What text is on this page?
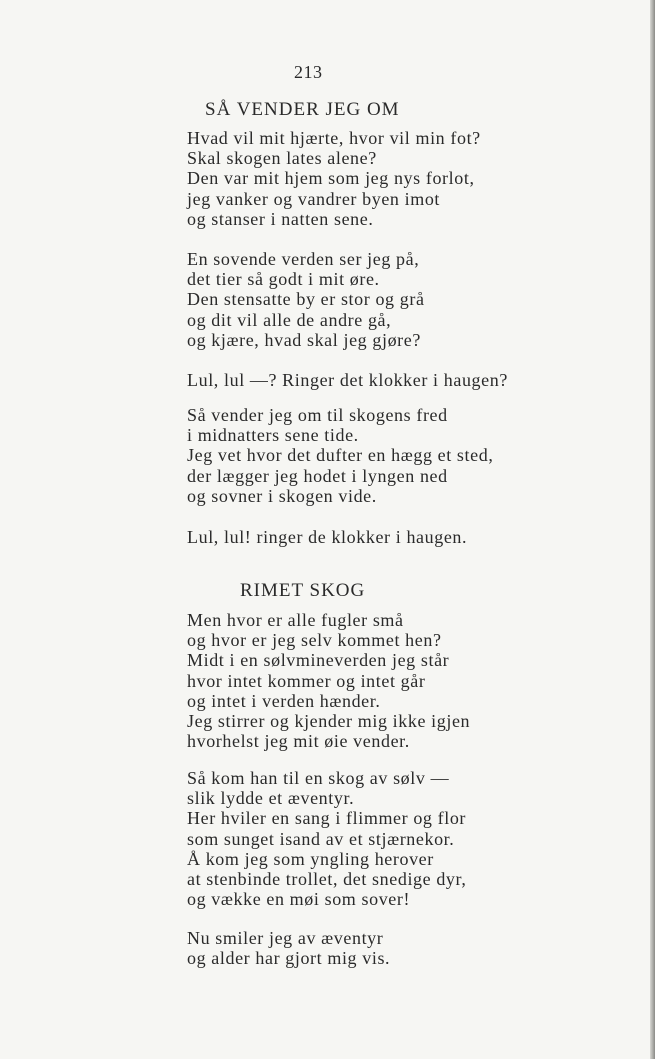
213
SÅ VENDER JEG OM
Hvad vil mit hjærte, hvor vil min fot?
Skal skogen lates alene?
Den var mit hjem som jeg nys forlot,
jeg vanker og vandrer byen imot
og stanser i natten sene.
En sovende verden ser jeg på,
det tier så godt i mit øre.
Den stensatte by er stor og grå
og dit vil alle de andre gå,
og kjære, hvad skal jeg gjøre?
Lul, lul —? Ringer det klokker i haugen?
Så vender jeg om til skogens fred
i midnatters sene tide.
Jeg vet hvor det dufter en hægg et sted,
der lægger jeg hodet i lyngen ned
og sovner i skogen vide.
Lul, lul! ringer de klokker i haugen.
RIMET SKOG
Men hvor er alle fugler små
og hvor er jeg selv kommet hen?
Midt i en sølvmineverden jeg står
hvor intet kommer og intet går
og intet i verden hænder.
Jeg stirrer og kjender mig ikke igjen
hvorhelst jeg mit øie vender.
Så kom han til en skog av sølv —
slik lydde et æventyr.
Her hviler en sang i flimmer og flor
som sunget isand av et stjærnekor.
Å kom jeg som yngling herover
at stenbinde trollet, det snedige dyr,
og vække en møi som sover!
Nu smiler jeg av æventyr
og alder har gjort mig vis.
